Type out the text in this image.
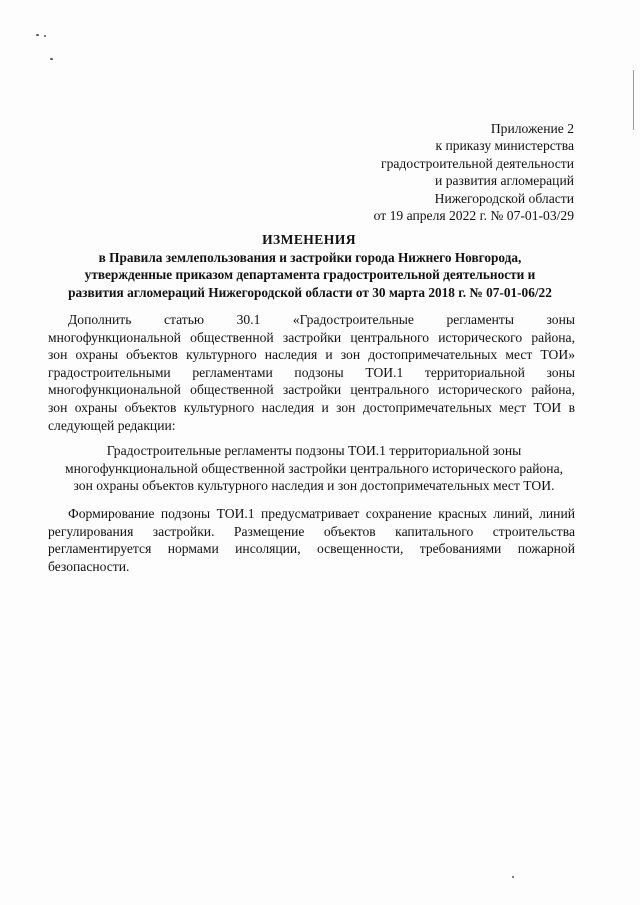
Приложение 2
к приказу министерства
градостроительной деятельности
и развития агломераций
Нижегородской области
от 19 апреля 2022 г. № 07-01-03/29
ИЗМЕНЕНИЯ
в Правила землепользования и застройки города Нижнего Новгорода,
утвержденные приказом департамента градостроительной деятельности и
развития агломераций Нижегородской области от 30 марта 2018 г. № 07-01-06/22
Дополнить статью 30.1 «Градостроительные регламенты зоны
многофункциональной общественной застройки центрального исторического района,
зон охраны объектов культурного наследия и зон достопримечательных мест ТОИ»
градостроительными регламентами подзоны ТОИ.1 территориальной зоны
многофункциональной общественной застройки центрального исторического района,
зон охраны объектов культурного наследия и зон достопримечательных мест ТОИ в
следующей редакции:
Градостроительные регламенты подзоны ТОИ.1 территориальной зоны
многофункциональной общественной застройки центрального исторического района,
зон охраны объектов культурного наследия и зон достопримечательных мест ТОИ.
Формирование подзоны ТОИ.1 предусматривает сохранение красных линий, линий
регулирования застройки. Размещение объектов капитального строительства
регламентируется нормами инсоляции, освещенности, требованиями пожарной
безопасности.
